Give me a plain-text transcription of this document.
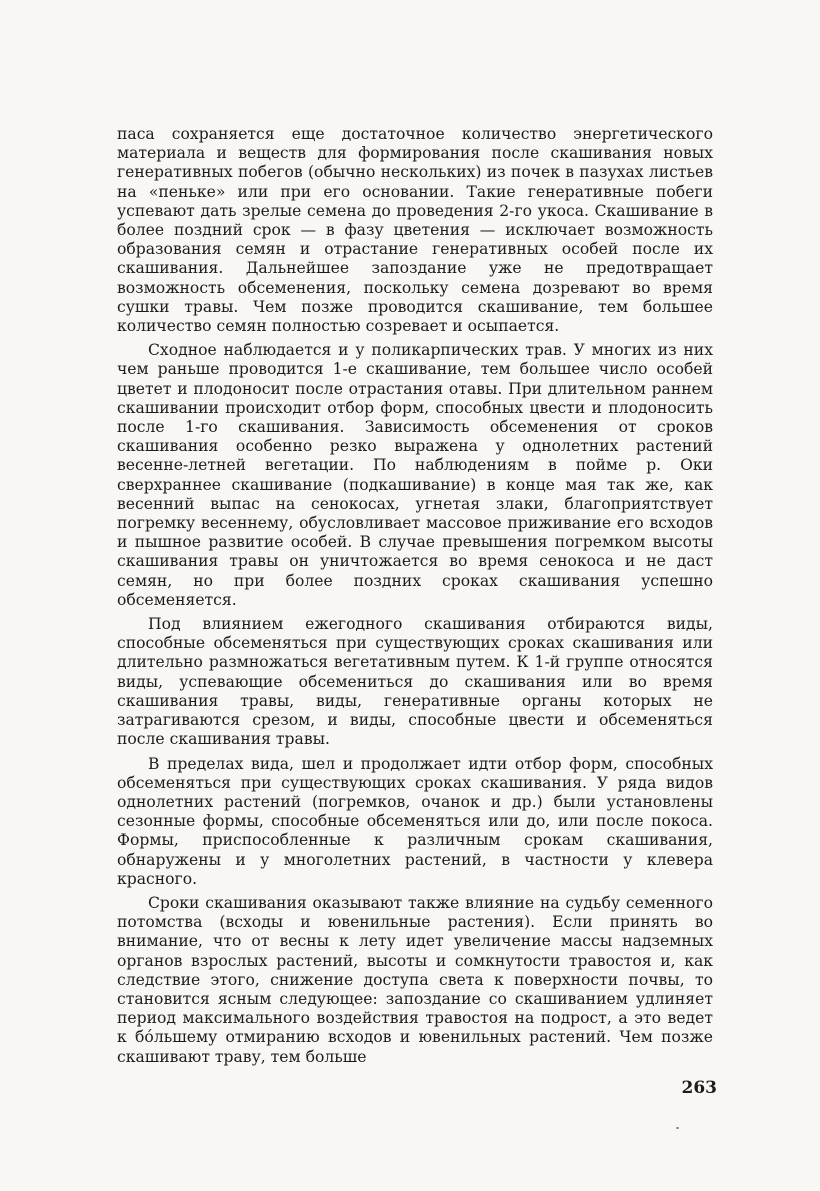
паса сохраняется еще достаточное количество энергетического материала и веществ для формирования после скашивания новых генеративных побегов (обычно нескольких) из почек в пазухах листьев на «пеньке» или при его основании. Такие генеративные побеги успевают дать зрелые семена до проведения 2-го укоса. Скашивание в более поздний срок — в фазу цветения — исключает возможность образования семян и отрастание генеративных особей после их скашивания. Дальнейшее запоздание уже не предотвращает возможность обсеменения, поскольку семена дозревают во время сушки травы. Чем позже проводится скашивание, тем большее количество семян полностью созревает и осыпается.

Сходное наблюдается и у поликарпических трав. У многих из них чем раньше проводится 1-е скашивание, тем большее число особей цветет и плодоносит после отрастания отавы. При длительном раннем скашивании происходит отбор форм, способных цвести и плодоносить после 1-го скашивания. Зависимость обсеменения от сроков скашивания особенно резко выражена у однолетних растений весенне-летней вегетации. По наблюдениям в пойме р. Оки сверхраннее скашивание (подкашивание) в конце мая так же, как весенний выпас на сенокосах, угнетая злаки, благоприятствует погремку весеннему, обусловливает массовое приживание его всходов и пышное развитие особей. В случае превышения погремком высоты скашивания травы он уничтожается во время сенокоса и не даст семян, но при более поздних сроках скашивания успешно обсеменяется.

Под влиянием ежегодного скашивания отбираются виды, способные обсеменяться при существующих сроках скашивания или длительно размножаться вегетативным путем. К 1-й группе относятся виды, успевающие обсемениться до скашивания или во время скашивания травы, виды, генеративные органы которых не затрагиваются срезом, и виды, способные цвести и обсеменяться после скашивания травы.

В пределах вида, шел и продолжает идти отбор форм, способных обсеменяться при существующих сроках скашивания. У ряда видов однолетних растений (погремков, очанок и др.) были установлены сезонные формы, способные обсеменяться или до, или после покоса. Формы, приспособленные к различным срокам скашивания, обнаружены и у многолетних растений, в частности у клевера красного.

Сроки скашивания оказывают также влияние на судьбу семенного потомства (всходы и ювенильные растения). Если принять во внимание, что от весны к лету идет увеличение массы надземных органов взрослых растений, высоты и сомкнутости травостоя и, как следствие этого, снижение доступа света к поверхности почвы, то становится ясным следующее: запоздание со скашиванием удлиняет период максимального воздействия травостоя на подрост, а это ведет к бóльшему отмиранию всходов и ювенильных растений. Чем позже скашивают траву, тем больше

263
